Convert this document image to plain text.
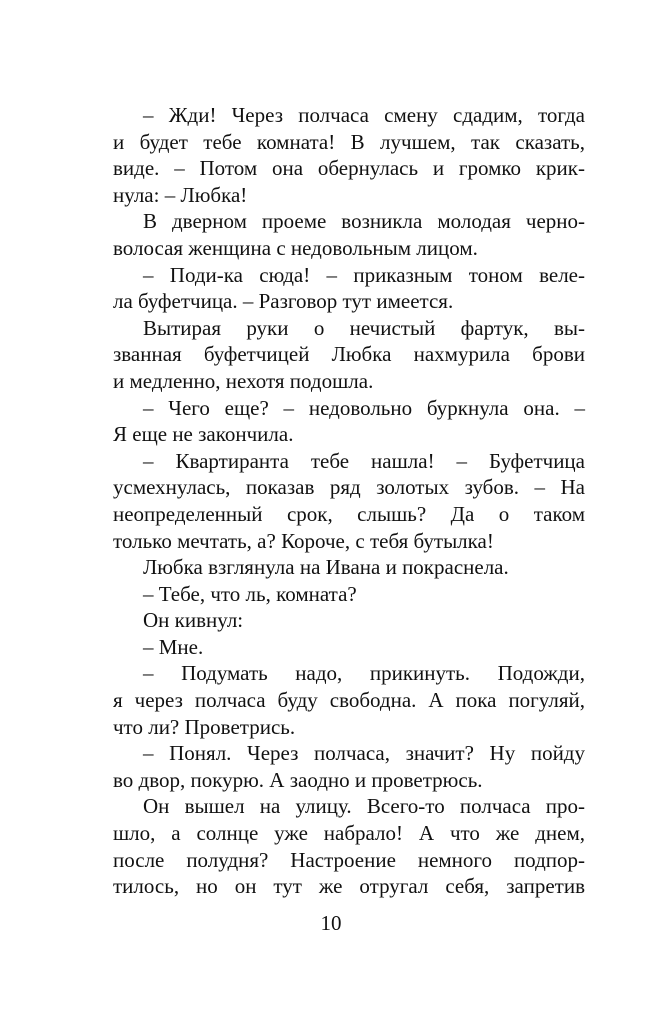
– Жди! Через полчаса смену сдадим, тогда
и будет тебе комната! В лучшем, так сказать,
виде. – Потом она обернулась и громко крик-
нула: – Любка!
В дверном проеме возникла молодая черно-
волосая женщина с недовольным лицом.
– Поди-ка сюда! – приказным тоном веле-
ла буфетчица. – Разговор тут имеется.
Вытирая руки о нечистый фартук, вы-
званная буфетчицей Любка нахмурила брови
и медленно, нехотя подошла.
– Чего еще? – недовольно буркнула она. –
Я еще не закончила.
– Квартиранта тебе нашла! – Буфетчица
усмехнулась, показав ряд золотых зубов. – На
неопределенный срок, слышь? Да о таком
только мечтать, а? Короче, с тебя бутылка!
Любка взглянула на Ивана и покраснела.
– Тебе, что ль, комната?
Он кивнул:
– Мне.
– Подумать надо, прикинуть. Подожди,
я через полчаса буду свободна. А пока погуляй,
что ли? Проветрись.
– Понял. Через полчаса, значит? Ну пойду
во двор, покурю. А заодно и проветрюсь.
Он вышел на улицу. Всего-то полчаса про-
шло, а солнце уже набрало! А что же днем,
после полудня? Настроение немного подпор-
тилось, но он тут же отругал себя, запретив
10
